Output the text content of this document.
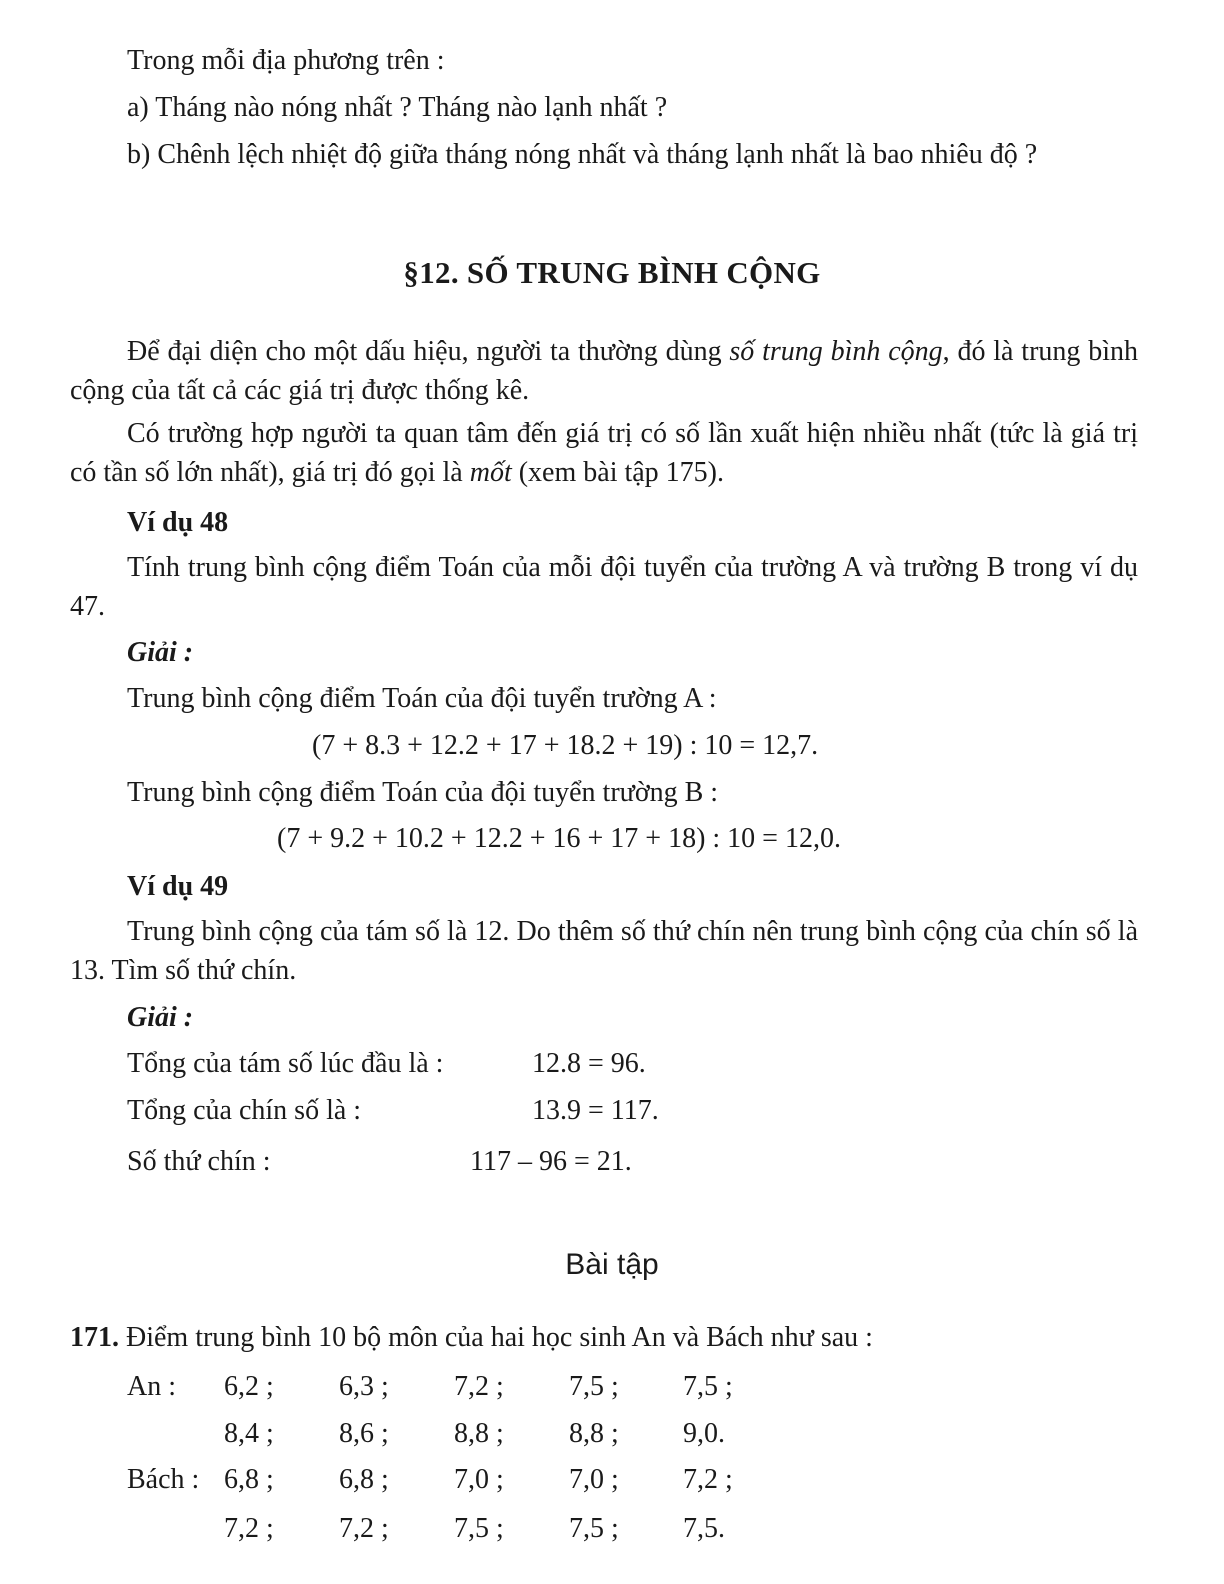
Trong mỗi địa phương trên :
a) Tháng nào nóng nhất ? Tháng nào lạnh nhất ?
b) Chênh lệch nhiệt độ giữa tháng nóng nhất và tháng lạnh nhất là bao nhiêu độ ?
§12. SỐ TRUNG BÌNH CỘNG
Để đại diện cho một dấu hiệu, người ta thường dùng số trung bình cộng, đó là trung bình cộng của tất cả các giá trị được thống kê.
Có trường hợp người ta quan tâm đến giá trị có số lần xuất hiện nhiều nhất (tức là giá trị có tần số lớn nhất), giá trị đó gọi là mốt (xem bài tập 175).
Ví dụ 48
Tính trung bình cộng điểm Toán của mỗi đội tuyển của trường A và trường B trong ví dụ 47.
Giải :
Trung bình cộng điểm Toán của đội tuyển trường A :
(7 + 8.3 + 12.2 + 17 + 18.2 + 19) : 10 = 12,7.
Trung bình cộng điểm Toán của đội tuyển trường B :
(7 + 9.2 + 10.2 + 12.2 + 16 + 17 + 18) : 10 = 12,0.
Ví dụ 49
Trung bình cộng của tám số là 12. Do thêm số thứ chín nên trung bình cộng của chín số là 13. Tìm số thứ chín.
Giải :
Tổng của tám số lúc đầu là :	12.8 = 96.
Tổng của chín số là :	13.9 = 117.
Số thứ chín :	117 – 96 = 21.
Bài tập
171. Điểm trung bình 10 bộ môn của hai học sinh An và Bách như sau :
An : 6,2 ; 6,3 ; 7,2 ; 7,5 ; 7,5 ;
8,4 ; 8,6 ; 8,8 ; 8,8 ; 9,0.
Bách : 6,8 ; 6,8 ; 7,0 ; 7,0 ; 7,2 ;
7,2 ; 7,2 ; 7,5 ; 7,5 ; 7,5.
